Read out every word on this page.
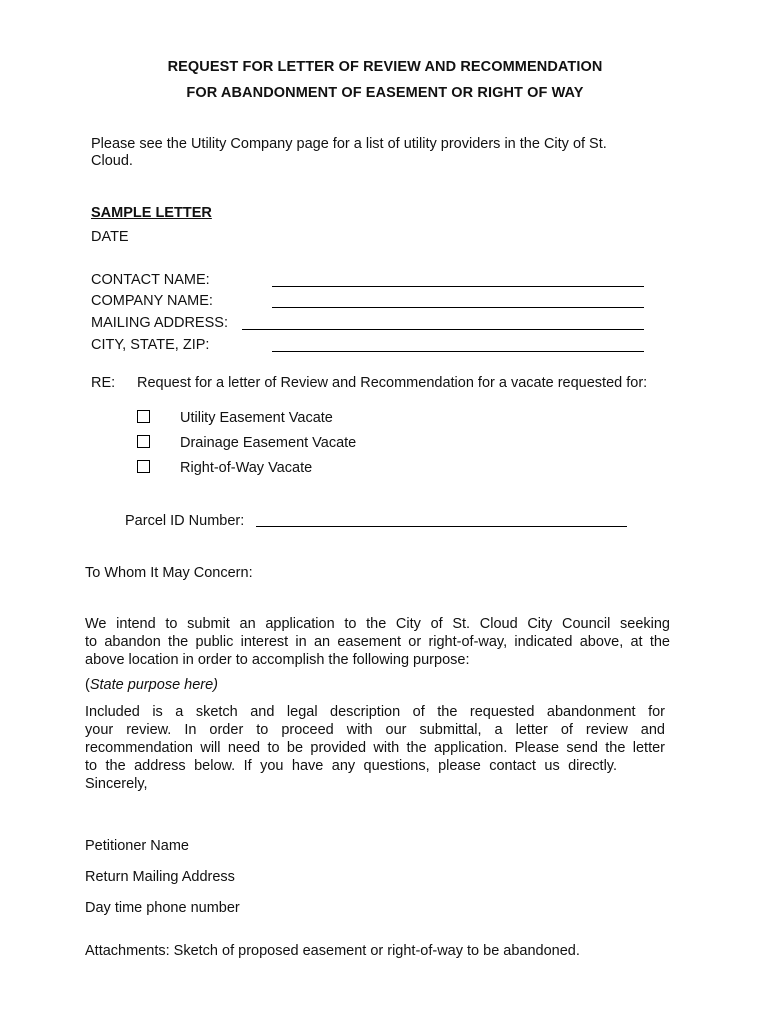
REQUEST FOR LETTER OF REVIEW AND RECOMMENDATION
FOR ABANDONMENT OF EASEMENT OR RIGHT OF WAY
Please see the Utility Company page for a list of utility providers in the City of St.
Cloud.
SAMPLE LETTER
DATE
CONTACT NAME:
COMPANY NAME:
MAILING ADDRESS:
CITY, STATE, ZIP:
RE: Request for a letter of Review and Recommendation for a vacate requested for:
Utility Easement Vacate
Drainage Easement Vacate
Right-of-Way Vacate
Parcel ID Number:
To Whom It May Concern:
We intend to submit an application to the City of St. Cloud City Council seeking
to abandon the public interest in an easement or right-of-way, indicated above, at the
above location in order to accomplish the following purpose:
(State purpose here)
Included is a sketch and legal description of the requested abandonment for
your review. In order to proceed with our submittal, a letter of review and
recommendation will need to be provided with the application. Please send the letter
to the address below. If you have any questions, please contact us directly.
Sincerely,
Petitioner Name
Return Mailing Address
Day time phone number
Attachments: Sketch of proposed easement or right-of-way to be abandoned.
